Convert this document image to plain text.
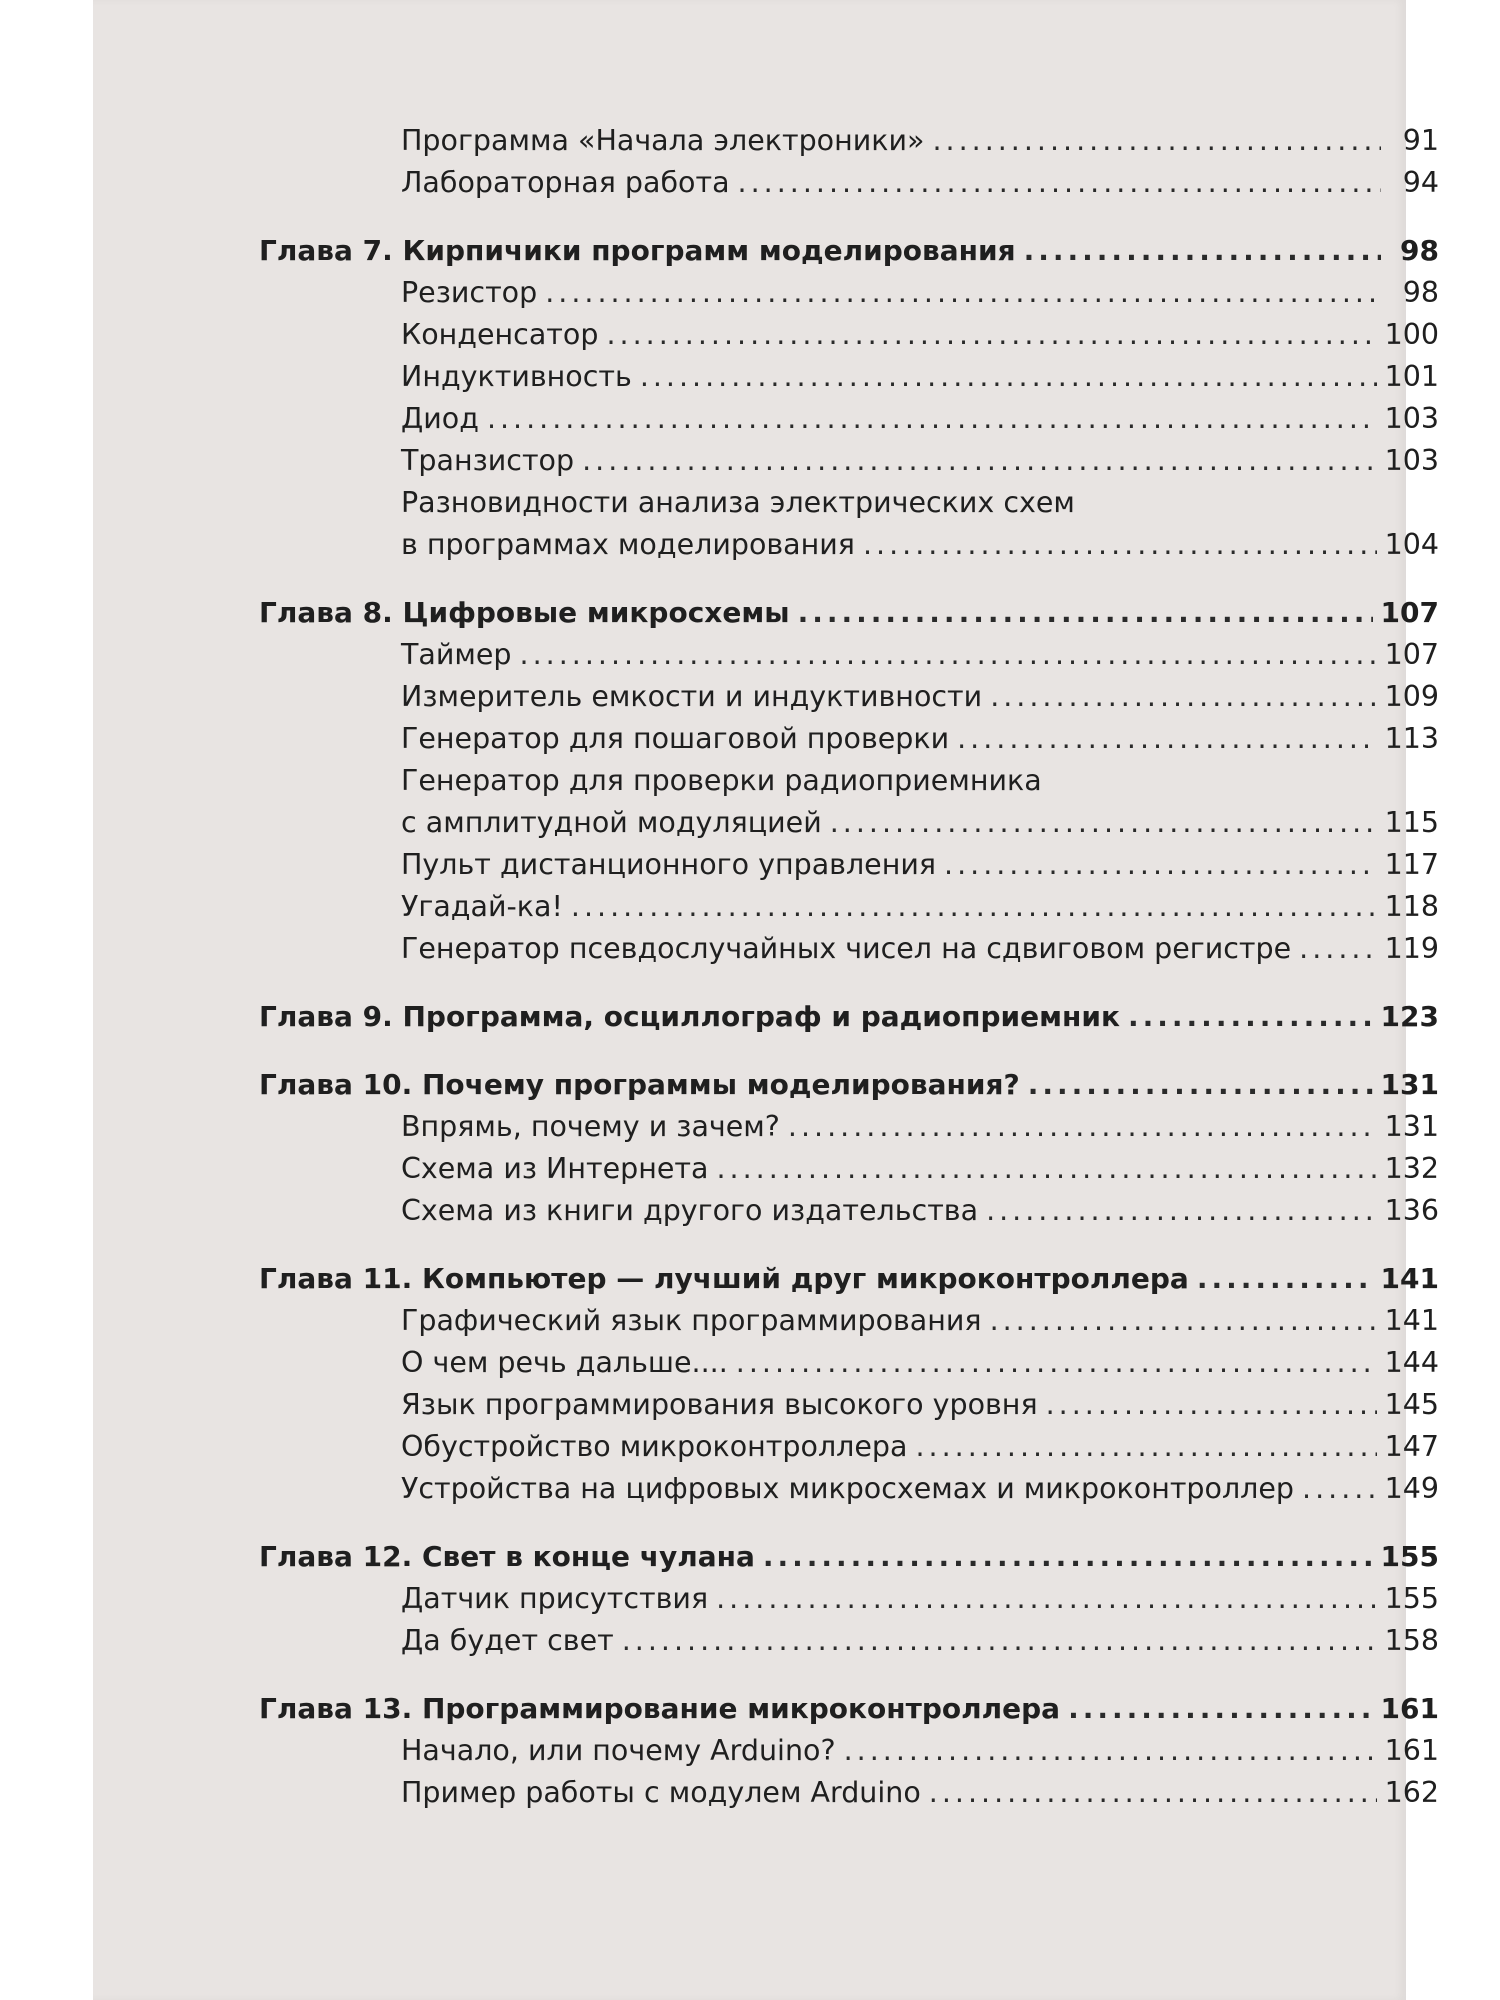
Программа «Начала электроники» .....	91
Лабораторная работа .....	94
Глава 7. Кирпичики программ моделирования .....	98
Резистор .....	98
Конденсатор .....	100
Индуктивность .....	101
Диод .....	103
Транзистор .....	103
Разновидности анализа электрических схем
в программах моделирования .....	104
Глава 8. Цифровые микросхемы .....	107
Таймер .....	107
Измеритель емкости и индуктивности .....	109
Генератор для пошаговой проверки .....	113
Генератор для проверки радиоприемника
с амплитудной модуляцией .....	115
Пульт дистанционного управления .....	117
Угадай-ка! .....	118
Генератор псевдослучайных чисел на сдвиговом регистре .....	119
Глава 9. Программа, осциллограф и радиоприемник .....	123
Глава 10. Почему программы моделирования? .....	131
Впрямь, почему и зачем? .....	131
Схема из Интернета .....	132
Схема из книги другого издательства .....	136
Глава 11. Компьютер — лучший друг микроконтроллера .....	141
Графический язык программирования .....	141
О чем речь дальше.... .....	144
Язык программирования высокого уровня .....	145
Обустройство микроконтроллера .....	147
Устройства на цифровых микросхемах и микроконтроллер .....	149
Глава 12. Свет в конце чулана .....	155
Датчик присутствия .....	155
Да будет свет .....	158
Глава 13. Программирование микроконтроллера .....	161
Начало, или почему Arduino? .....	161
Пример работы с модулем Arduino .....	162
